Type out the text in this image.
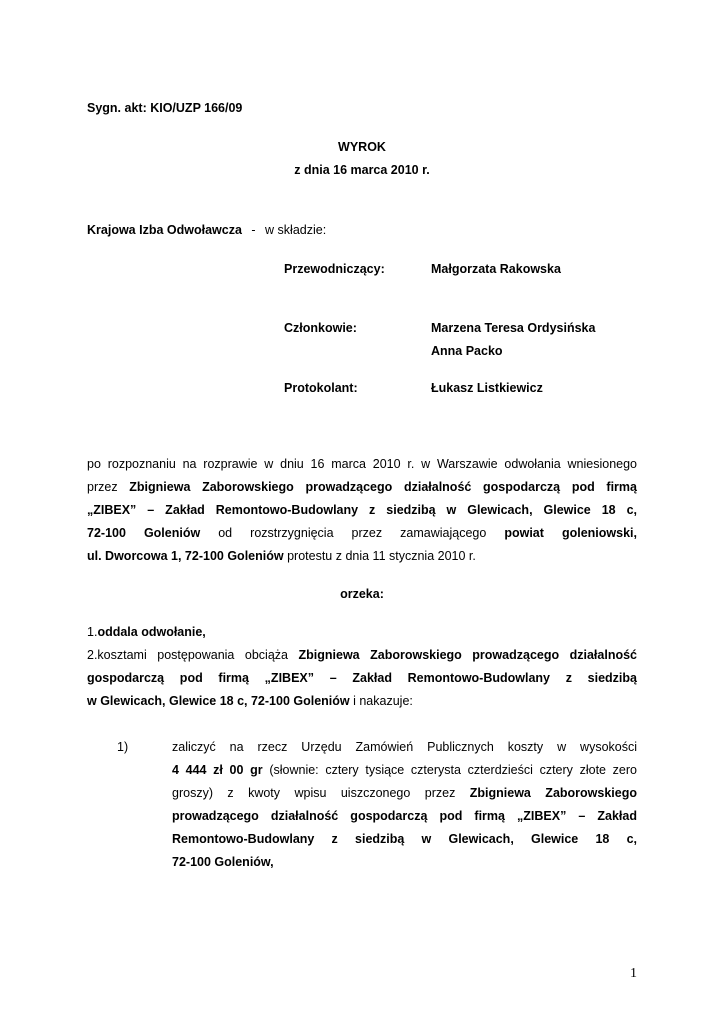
Sygn. akt: KIO/UZP 166/09
WYROK
z dnia 16 marca 2010 r.
Krajowa Izba Odwoławcza - w składzie:
Przewodniczący:	Małgorzata Rakowska
Członkowie:	Marzena Teresa Ordysińska
Anna Packo
Protokolant:	Łukasz Listkiewicz
po rozpoznaniu na rozprawie w dniu 16 marca 2010 r. w Warszawie odwołania wniesionego
przez Zbigniewa Zaborowskiego prowadzącego działalność gospodarczą pod firmą
„ZIBEX” – Zakład Remontowo-Budowlany z siedzibą w Glewicach, Glewice 18 c,
72-100 Goleniów od rozstrzygnięcia przez zamawiającego powiat goleniowski,
ul. Dworcowa 1, 72-100 Goleniów protestu z dnia 11 stycznia 2010 r.
orzeka:
1.oddala odwołanie,
2.kosztami postępowania obciąża Zbigniewa Zaborowskiego prowadzącego działalność
gospodarczą pod firmą „ZIBEX” – Zakład Remontowo-Budowlany z siedzibą
w Glewicach, Glewice 18 c, 72-100 Goleniów i nakazuje:
1)	zaliczyć na rzecz Urzędu Zamówień Publicznych koszty w wysokości
4 444 zł 00 gr (słownie: cztery tysiące czterysta czterdzieści cztery złote zero
groszy) z kwoty wpisu uiszczonego przez Zbigniewa Zaborowskiego
prowadzącego działalność gospodarczą pod firmą „ZIBEX” – Zakład
Remontowo-Budowlany z siedzibą w Glewicach, Glewice 18 c,
72-100 Goleniów,
1
